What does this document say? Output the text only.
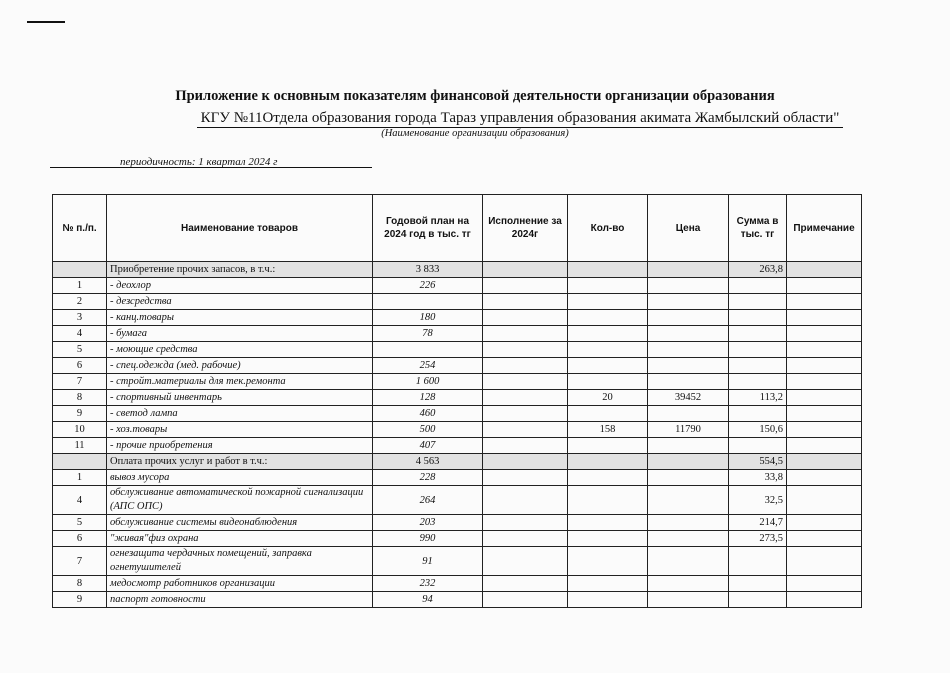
Приложение к основным показателям финансовой деятельности организации образования
КГУ №11Отдела образования города Тараз управления образования акимата Жамбылский области"
(Наименование организации образования)
периодичность: 1 квартал 2024 г
№ п./п.	Наименование товаров	Годовой план на 2024 год в тыс. тг	Исполнение за 2024г	Кол-во	Цена	Сумма в тыс. тг	Примечание
	Приобретение прочих запасов, в т.ч.:	3 833				263,8	
1	- деохлор	226					
2	- дезсредства						
3	- канц.товары	180					
4	- бумага	78					
5	- моющие средства						
6	- спец.одежда (мед. рабочие)	254					
7	- стройт.материалы для тек.ремонта	1 600					
8	- спортивный инвентарь	128		20	39452	113,2	
9	- светод лампа	460					
10	- хоз.товары	500		158	11790	150,6	
11	- прочие приобретения	407					
	Оплата прочих услуг и работ в т.ч.:	4 563				554,5	
1	вывоз мусора	228				33,8	
4	обслуживание автоматической пожарной сигнализации (АПС ОПС)	264				32,5	
5	обслуживание системы видеонаблюдения	203				214,7	
6	"живая"физ охрана	990				273,5	
7	огнезащита чердачных помещений, заправка огнетушителей	91					
8	медосмотр работников организации	232					
9	паспорт готовности	94					
